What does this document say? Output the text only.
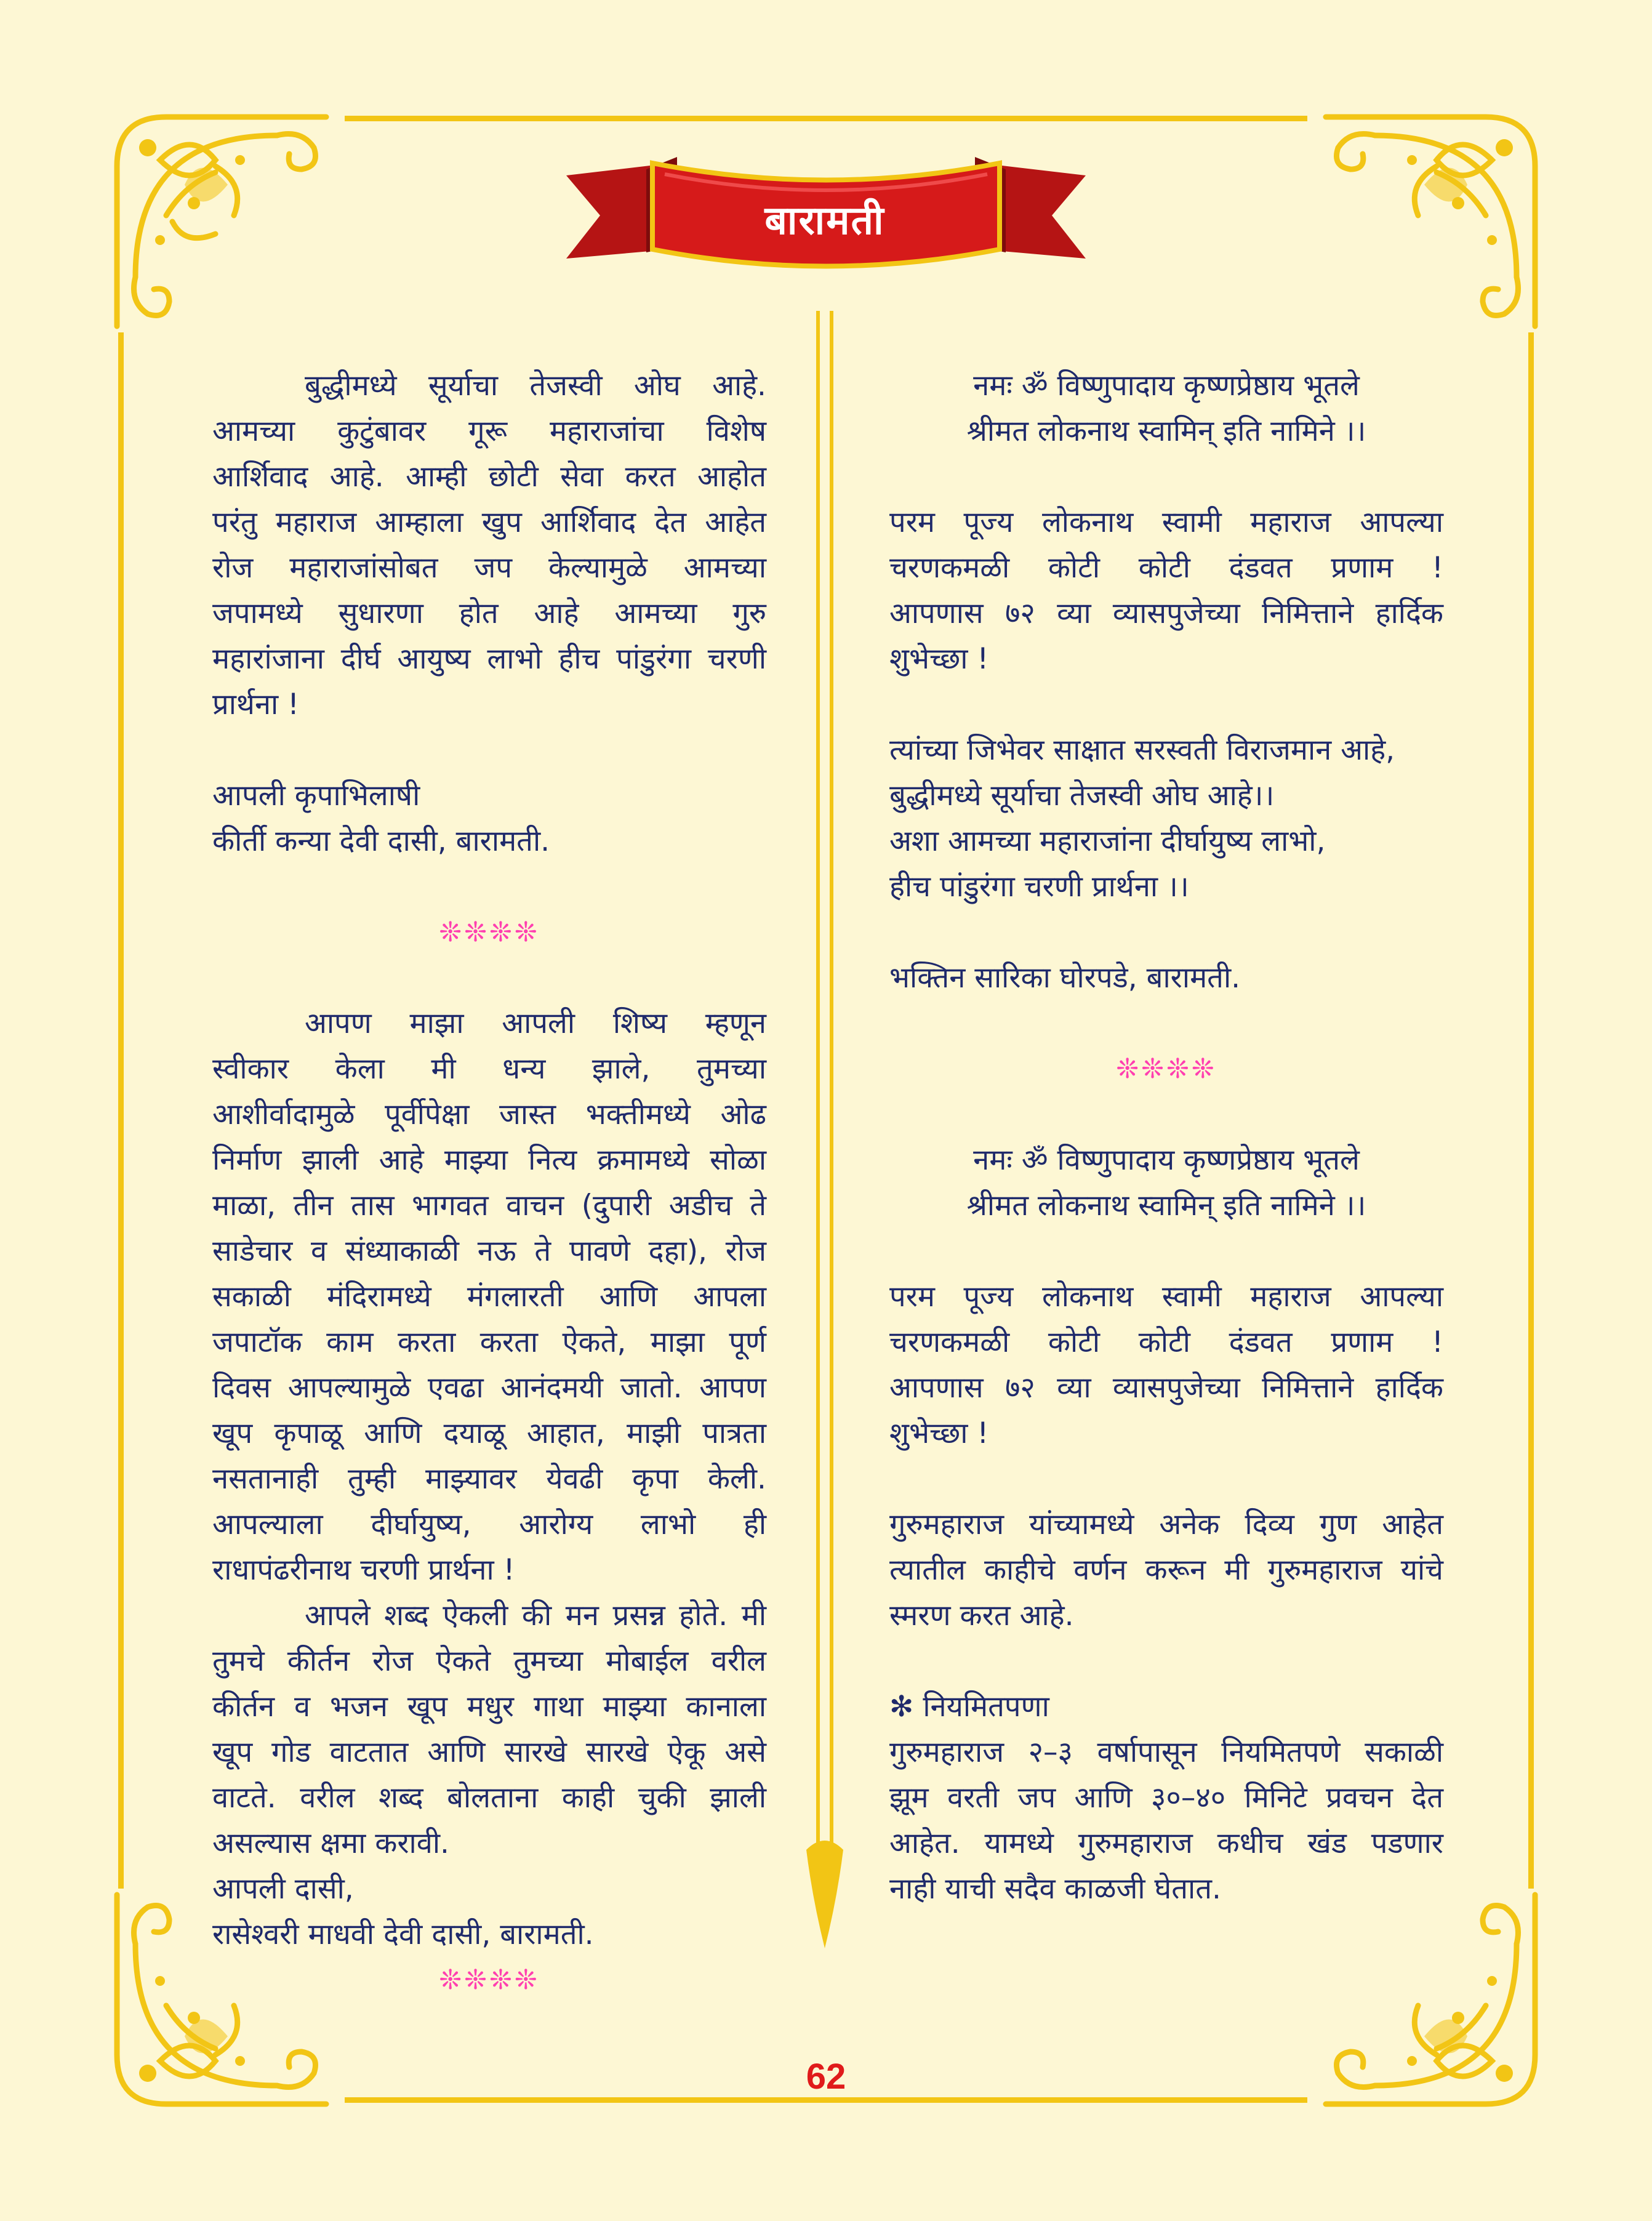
बारामती

बुद्धीमध्ये सूर्याचा तेजस्वी ओघ आहे.

आमच्या कुटुंबावर गूरू महाराजांचा विशेष

आर्शिवाद आहे. आम्ही छोटी सेवा करत आहोत

परंतु महाराज आम्हाला खुप आर्शिवाद देत आहेत

रोज महाराजांसोबत जप केल्यामुळे आमच्या

जपामध्ये सुधारणा होत आहे आमच्या गुरु

महारांजाना दीर्घ आयुष्य लाभो हीच पांडुरंगा चरणी

प्रार्थना !

आपली कृपाभिलाषी

कीर्ती कन्या देवी दासी, बारामती.

❊❊❊❊

आपण माझा आपली शिष्य म्हणून

स्वीकार केला मी धन्य झाले, तुमच्या

आशीर्वादामुळे पूर्वीपेक्षा जास्त भक्तीमध्ये ओढ

निर्माण झाली आहे माझ्या नित्य क्रमामध्ये सोळा

माळा, तीन तास भागवत वाचन (दुपारी अडीच ते

साडेचार व संध्याकाळी नऊ ते पावणे दहा), रोज

सकाळी मंदिरामध्ये मंगलारती आणि आपला

जपाटॉक काम करता करता ऐकते, माझा पूर्ण

दिवस आपल्यामुळे एवढा आनंदमयी जातो. आपण

खूप कृपाळू आणि दयाळू आहात, माझी पात्रता

नसतानाही तुम्ही माझ्यावर येवढी कृपा केली.

आपल्याला दीर्घायुष्य, आरोग्य लाभो ही

राधापंढरीनाथ चरणी प्रार्थना !

आपले शब्द ऐकली की मन प्रसन्न होते. मी

तुमचे कीर्तन रोज ऐकते तुमच्या मोबाईल वरील

कीर्तन व भजन खूप मधुर गाथा माझ्या कानाला

खूप गोड वाटतात आणि सारखे सारखे ऐकू असे

वाटते. वरील शब्द बोलताना काही चुकी झाली

असल्यास क्षमा करावी.

आपली दासी,

रासेश्वरी माधवी देवी दासी, बारामती.

❊❊❊❊

नमः ॐ विष्णुपादाय कृष्णप्रेष्ठाय भूतले

श्रीमत लोकनाथ स्वामिन् इति नामिने ।।

परम पूज्य लोकनाथ स्वामी महाराज आपल्या

चरणकमळी कोटी कोटी दंडवत प्रणाम !

आपणास ७२ व्या व्यासपुजेच्या निमित्ताने हार्दिक

शुभेच्छा !

त्यांच्या जिभेवर साक्षात सरस्वती विराजमान आहे,

बुद्धीमध्ये सूर्याचा तेजस्वी ओघ आहे।।

अशा आमच्या महाराजांना दीर्घायुष्य लाभो,

हीच पांडुरंगा चरणी प्रार्थना ।।

भक्तिन सारिका घोरपडे, बारामती.

❊❊❊❊

नमः ॐ विष्णुपादाय कृष्णप्रेष्ठाय भूतले

श्रीमत लोकनाथ स्वामिन् इति नामिने ।।

परम पूज्य लोकनाथ स्वामी महाराज आपल्या

चरणकमळी कोटी कोटी दंडवत प्रणाम !

आपणास ७२ व्या व्यासपुजेच्या निमित्ताने हार्दिक

शुभेच्छा !

गुरुमहाराज यांच्यामध्ये अनेक दिव्य गुण आहेत

त्यातील काहीचे वर्णन करून मी गुरुमहाराज यांचे

स्मरण करत आहे.

✻ नियमितपणा

गुरुमहाराज २–३ वर्षापासून नियमितपणे सकाळी

झूम वरती जप आणि ३०–४० मिनिटे प्रवचन देत

आहेत. यामध्ये गुरुमहाराज कधीच खंड पडणार

नाही याची सदैव काळजी घेतात.

62
